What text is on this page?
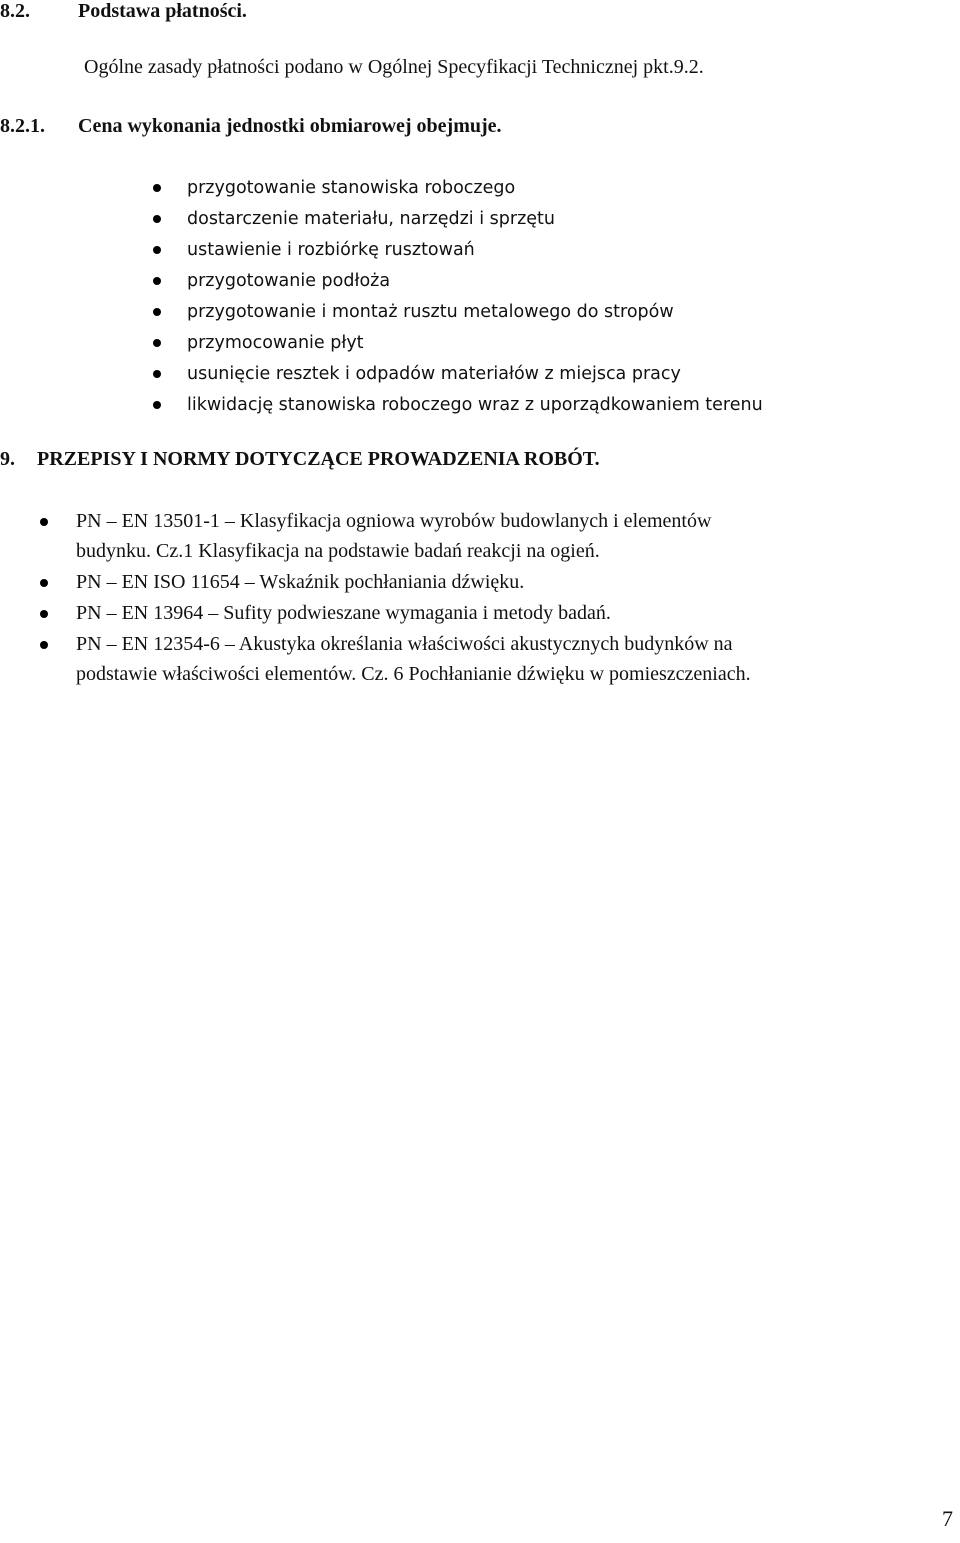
8.2. Podstawa płatności.
Ogólne zasady płatności podano w Ogólnej Specyfikacji Technicznej pkt.9.2.
8.2.1. Cena wykonania jednostki obmiarowej obejmuje.
przygotowanie stanowiska roboczego
dostarczenie materiału, narzędzi i sprzętu
ustawienie i rozbiórkę rusztowań
przygotowanie podłoża
przygotowanie i montaż rusztu metalowego do stropów
przymocowanie płyt
usunięcie resztek i odpadów materiałów z miejsca pracy
likwidację stanowiska roboczego wraz z uporządkowaniem terenu
9. PRZEPISY I NORMY DOTYCZĄCE PROWADZENIA ROBÓT.
PN – EN 13501-1 – Klasyfikacja ogniowa wyrobów budowlanych i elementów
budynku. Cz.1 Klasyfikacja na podstawie badań reakcji na ogień.
PN – EN ISO 11654 – Wskaźnik pochłaniania dźwięku.
PN – EN 13964 – Sufity podwieszane wymagania i metody badań.
PN – EN 12354-6 – Akustyka określania właściwości akustycznych budynków na
podstawie właściwości elementów. Cz. 6 Pochłanianie dźwięku w pomieszczeniach.
7
